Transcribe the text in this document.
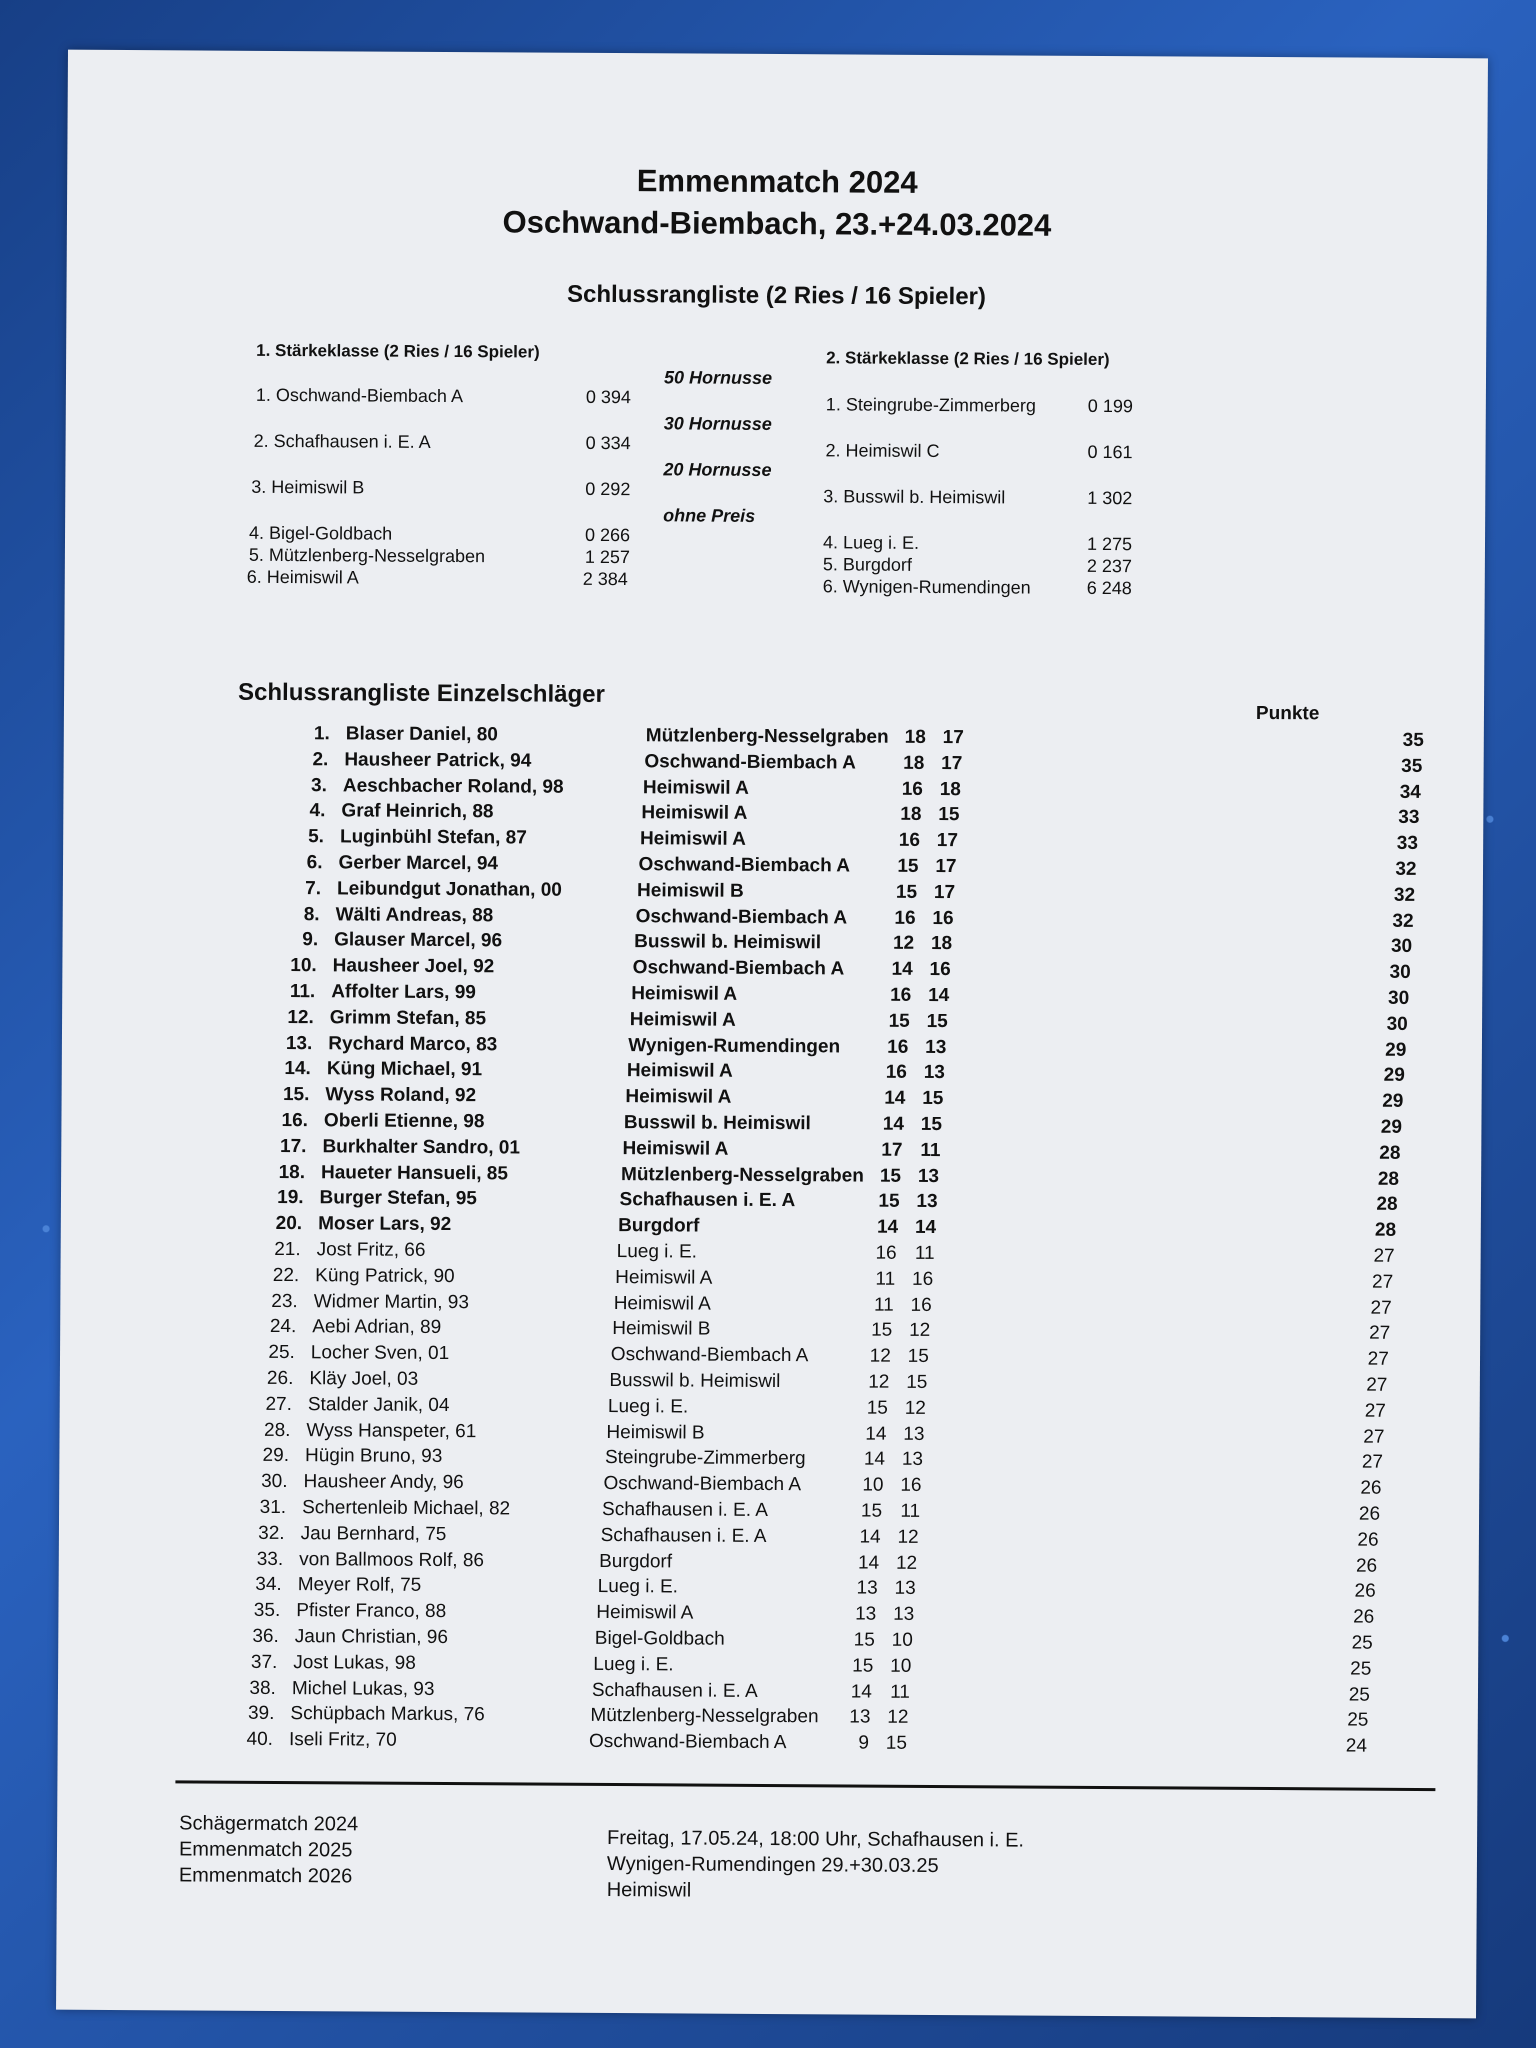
Emmenmatch 2024
Oschwand-Biembach, 23.+24.03.2024
Schlussrangliste (2 Ries / 16 Spieler)
1. Stärkeklasse (2 Ries / 16 Spieler)
1. Oschwand-Biembach A	0 394
2. Schafhausen i. E. A	0 334
3. Heimiswil B	0 292
4. Bigel-Goldbach	0 266
5. Mützlenberg-Nesselgraben	1 257
6. Heimiswil A	2 384
50 Hornusse
30 Hornusse
20 Hornusse
ohne Preis
2. Stärkeklasse (2 Ries / 16 Spieler)
1. Steingrube-Zimmerberg	0 199
2. Heimiswil C	0 161
3. Busswil b. Heimiswil	1 302
4. Lueg i. E.	1 275
5. Burgdorf	2 237
6. Wynigen-Rumendingen	6 248
Schlussrangliste Einzelschläger
Punkte
1. Blaser Daniel, 80	Mützlenberg-Nesselgraben 18 17	35
2. Hausheer Patrick, 94	Oschwand-Biembach A	18 17	35
3. Aeschbacher Roland, 98	Heimiswil A	16 18	34
4. Graf Heinrich, 88	Heimiswil A	18 15	33
5. Luginbühl Stefan, 87	Heimiswil A	16 17	33
6. Gerber Marcel, 94	Oschwand-Biembach A	15 17	32
7. Leibundgut Jonathan, 00	Heimiswil B	15 17	32
8. Wälti Andreas, 88	Oschwand-Biembach A	16 16	32
9. Glauser Marcel, 96	Busswil b. Heimiswil	12 18	30
10. Hausheer Joel, 92	Oschwand-Biembach A	14 16	30
11. Affolter Lars, 99	Heimiswil A	16 14	30
12. Grimm Stefan, 85	Heimiswil A	15 15	30
13. Rychard Marco, 83	Wynigen-Rumendingen	16 13	29
14. Küng Michael, 91	Heimiswil A	16 13	29
15. Wyss Roland, 92	Heimiswil A	14 15	29
16. Oberli Etienne, 98	Busswil b. Heimiswil	14 15	29
17. Burkhalter Sandro, 01	Heimiswil A	17 11	28
18. Haueter Hansueli, 85	Mützlenberg-Nesselgraben 15 13	28
19. Burger Stefan, 95	Schafhausen i. E. A	15 13	28
20. Moser Lars, 92	Burgdorf	14 14	28
21. Jost Fritz, 66	Lueg i. E.	16 11	27
22. Küng Patrick, 90	Heimiswil A	11 16	27
23. Widmer Martin, 93	Heimiswil A	11 16	27
24. Aebi Adrian, 89	Heimiswil B	15 12	27
25. Locher Sven, 01	Oschwand-Biembach A	12 15	27
26. Kläy Joel, 03	Busswil b. Heimiswil	12 15	27
27. Stalder Janik, 04	Lueg i. E.	15 12	27
28. Wyss Hanspeter, 61	Heimiswil B	14 13	27
29. Hügin Bruno, 93	Steingrube-Zimmerberg	14 13	27
30. Hausheer Andy, 96	Oschwand-Biembach A	10 16	26
31. Schertenleib Michael, 82	Schafhausen i. E. A	15 11	26
32. Jau Bernhard, 75	Schafhausen i. E. A	14 12	26
33. von Ballmoos Rolf, 86	Burgdorf	14 12	26
34. Meyer Rolf, 75	Lueg i. E.	13 13	26
35. Pfister Franco, 88	Heimiswil A	13 13	26
36. Jaun Christian, 96	Bigel-Goldbach	15 10	25
37. Jost Lukas, 98	Lueg i. E.	15 10	25
38. Michel Lukas, 93	Schafhausen i. E. A	14 11	25
39. Schüpbach Markus, 76	Mützlenberg-Nesselgraben	13 12	25
40. Iseli Fritz, 70	Oschwand-Biembach A	9 15	24
Schägermatch 2024
Emmenmatch 2025
Emmenmatch 2026
Freitag, 17.05.24, 18:00 Uhr, Schafhausen i. E.
Wynigen-Rumendingen 29.+30.03.25
Heimiswil
